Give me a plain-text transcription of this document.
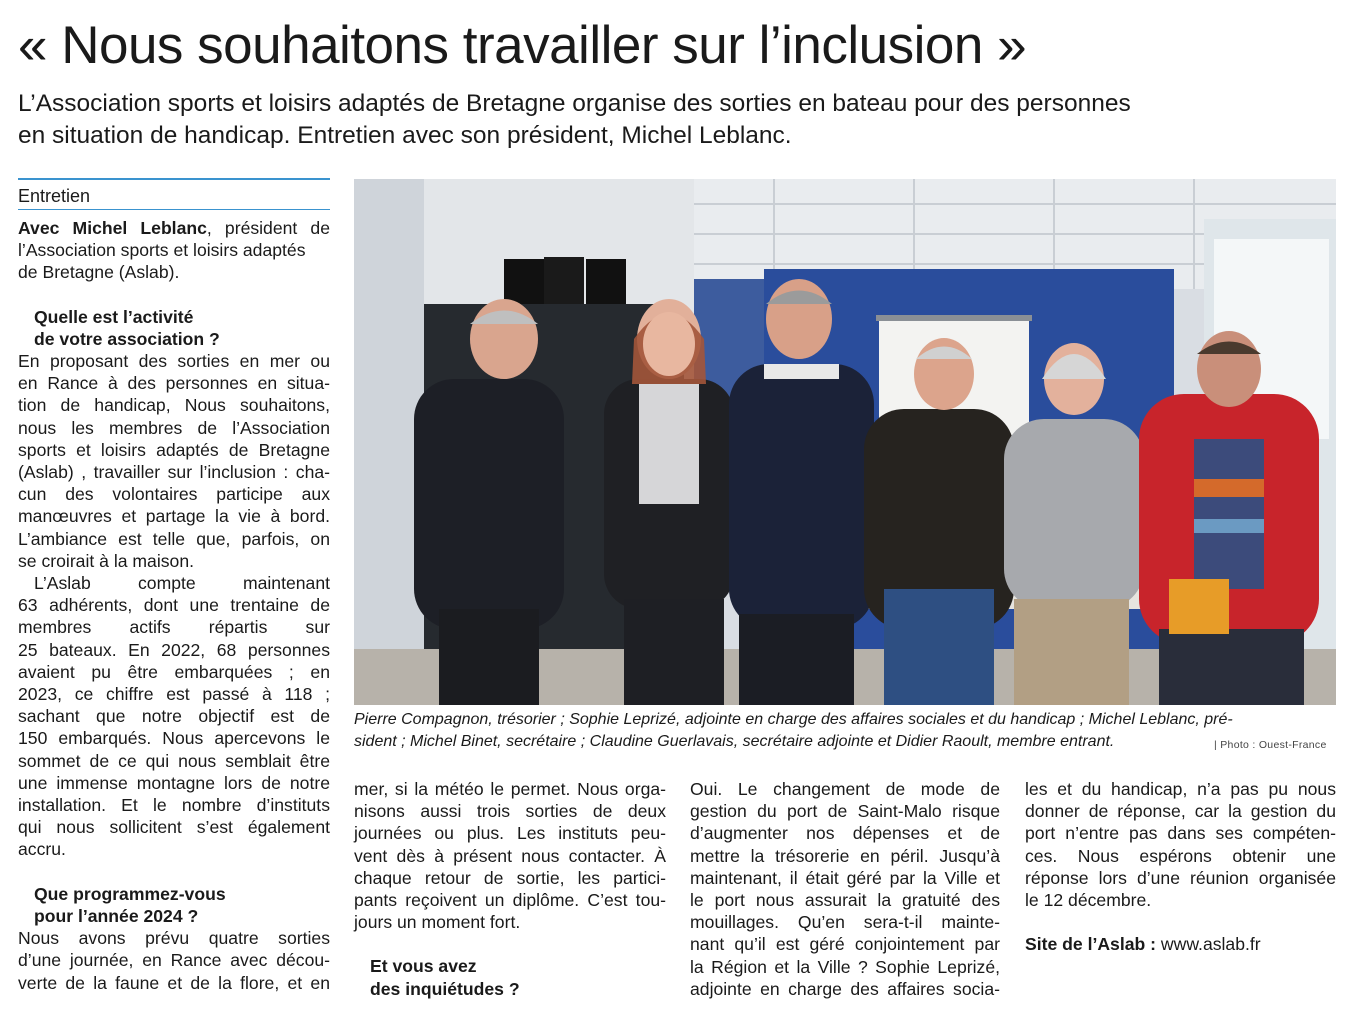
« Nous souhaitons travailler sur l’inclusion »

L’Association sports et loisirs adaptés de Bretagne organise des sorties en bateau pour des personnes
en situation de handicap. Entretien avec son président, Michel Leblanc.

Entretien
Avec Michel Leblanc, président de
l’Association sports et loisirs adaptés
de Bretagne (Aslab).
Quelle est l’activité
de votre association ?
En proposant des sorties en mer ou
en Rance à des personnes en situa-
tion de handicap, Nous souhaitons,
nous les membres de l’Association
sports et loisirs adaptés de Bretagne
(Aslab) , travailler sur l’inclusion : cha-
cun des volontaires participe aux
manœuvres et partage la vie à bord.
L’ambiance est telle que, parfois, on
se croirait à la maison.
L’Aslab compte maintenant
63 adhérents, dont une trentaine de
membres actifs répartis sur
25 bateaux. En 2022, 68 personnes
avaient pu être embarquées ; en
2023, ce chiffre est passé à 118 ;
sachant que notre objectif est de
150 embarqués. Nous apercevons le
sommet de ce qui nous semblait être
une immense montagne lors de notre
installation. Et le nombre d’instituts
qui nous sollicitent s’est également
accru.
Que programmez-vous
pour l’année 2024 ?
Nous avons prévu quatre sorties
d’une journée, en Rance avec décou-
verte de la faune et de la flore, et en
Pierre Compagnon, trésorier ; Sophie Leprizé, adjointe en charge des affaires sociales et du handicap ; Michel Leblanc, pré-
sident ; Michel Binet, secrétaire ; Claudine Guerlavais, secrétaire adjointe et Didier Raoult, membre entrant.	| Photo : Ouest-France
mer, si la météo le permet. Nous orga-
nisons aussi trois sorties de deux
journées ou plus. Les instituts peu-
vent dès à présent nous contacter. À
chaque retour de sortie, les partici-
pants reçoivent un diplôme. C’est tou-
jours un moment fort.
Et vous avez
des inquiétudes ?
Oui. Le changement de mode de
gestion du port de Saint-Malo risque
d’augmenter nos dépenses et de
mettre la trésorerie en péril. Jusqu’à
maintenant, il était géré par la Ville et
le port nous assurait la gratuité des
mouillages. Qu’en sera-t-il mainte-
nant qu’il est géré conjointement par
la Région et la Ville ? Sophie Leprizé,
adjointe en charge des affaires socia-
les et du handicap, n’a pas pu nous
donner de réponse, car la gestion du
port n’entre pas dans ses compéten-
ces. Nous espérons obtenir une
réponse lors d’une réunion organisée
le 12 décembre.
Site de l’Aslab : www.aslab.fr
